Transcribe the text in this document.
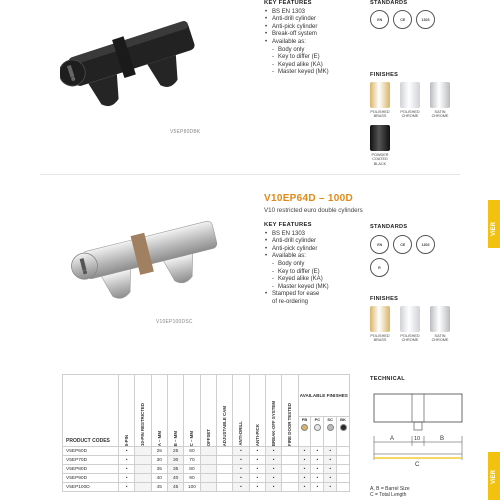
V5EP80DBK
KEY FEATURES
• BS EN 1303
• Anti-drill cylinder
• Anti-pick cylinder
• Break-off system
• Available as:
- Body only
- Key to differ (E)
- Keyed alike (KA)
- Master keyed (MK)
STANDARDS
EN	CE	1303
FINISHES
POLISHED BRASS
POLISHED CHROME
SATIN CHROME
POWDER COATED BLACK
V10EP64D – 100D
V10 restricted euro double cylinders
V10EP100DSC
KEY FEATURES
• BS EN 1303
• Anti-drill cylinder
• Anti-pick cylinder
• Available as:
- Body only
- Key to differ (E)
- Keyed alike (KA)
- Master keyed (MK)
• Stamped for ease
of re-ordering
STANDARDS
EN	CE	1303
R
FINISHES
POLISHED BRASS
POLISHED CHROME
SATIN CHROME
PRODUCT CODES	5-PIN	10-PIN RESTRICTED	A – MM	B – MM	C – MM	OFFSET	ADJUSTABLE CAM	ANTI-DRILL	ANTI-PICK	BREAK-OFF SYSTEM	FIRE DOOR TESTED	AVAILABLE FINISHES			

												PB	PC	SC	BK

V5EP60D	•		25	25	60			•	•	•		•	•	•	
V5EP70D	•		30	30	70			•	•	•		•	•	•	
V5EP80D	•		35	35	80			•	•	•		•	•	•	
V5EP90D	•		40	40	90			•	•	•		•	•	•	
V5EP100D	•		45	45	100			•	•	•		•	•	•	
TECHNICAL
A	10	B
C
A, B = Barrel Size
C = Total Length
VIER
VIER
